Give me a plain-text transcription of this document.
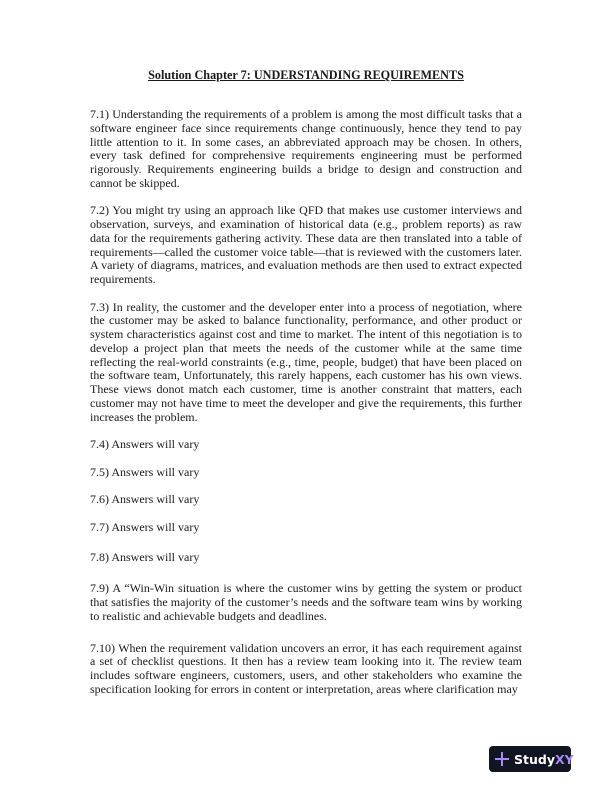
Solution Chapter 7: UNDERSTANDING REQUIREMENTS

7.1) Understanding the requirements of a problem is among the most difficult tasks that a software engineer face since requirements change continuously, hence they tend to pay little attention to it. In some cases, an abbreviated approach may be chosen. In others, every task defined for comprehensive requirements engineering must be performed rigorously. Requirements engineering builds a bridge to design and construction and cannot be skipped.

7.2) You might try using an approach like QFD that makes use customer interviews and observation, surveys, and examination of historical data (e.g., problem reports) as raw data for the requirements gathering activity. These data are then translated into a table of requirements—called the customer voice table—that is reviewed with the customers later. A variety of diagrams, matrices, and evaluation methods are then used to extract expected requirements.

7.3) In reality, the customer and the developer enter into a process of negotiation, where the customer may be asked to balance functionality, performance, and other product or system characteristics against cost and time to market. The intent of this negotiation is to develop a project plan that meets the needs of the customer while at the same time reflecting the real-world constraints (e.g., time, people, budget) that have been placed on the software team, Unfortunately, this rarely happens, each customer has his own views. These views donot match each customer, time is another constraint that matters, each customer may not have time to meet the developer and give the requirements, this further increases the problem.

7.4) Answers will vary

7.5) Answers will vary

7.6) Answers will vary

7.7) Answers will vary

7.8) Answers will vary

7.9) A “Win-Win situation is where the customer wins by getting the system or product that satisfies the majority of the customer’s needs and the software team wins by working to realistic and achievable budgets and deadlines.

7.10) When the requirement validation uncovers an error, it has each requirement against a set of checklist questions. It then has a review team looking into it. The review team includes software engineers, customers, users, and other stakeholders who examine the specification looking for errors in content or interpretation, areas where clarification may

Study XY
